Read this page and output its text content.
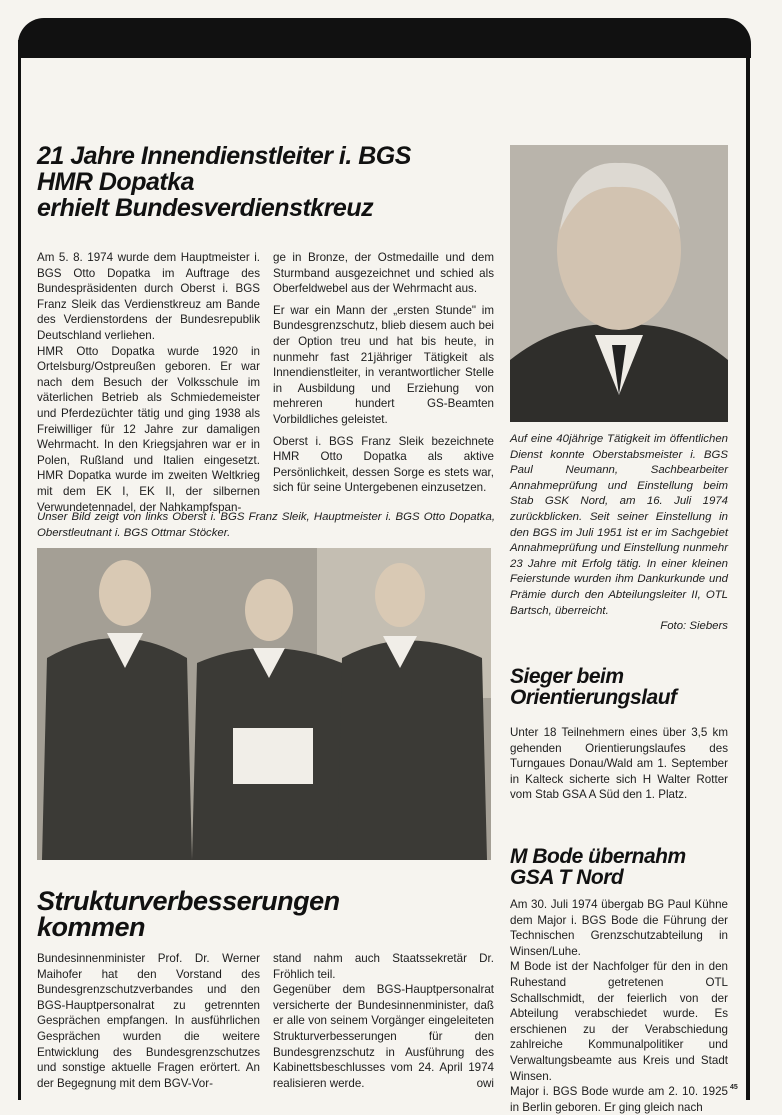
21 Jahre Innendienstleiter i. BGS
HMR Dopatka
erhielt Bundesverdienstkreuz

Am 5. 8. 1974 wurde dem Hauptmeister i. BGS Otto Dopatka im Auftrage des Bundespräsidenten durch Oberst i. BGS Franz Sleik das Verdienstkreuz am Bande des Verdienstordens der Bundesrepublik Deutschland verliehen.

HMR Otto Dopatka wurde 1920 in Ortelsburg/Ostpreußen geboren. Er war nach dem Besuch der Volksschule im väterlichen Betrieb als Schmiedemeister und Pferdezüchter tätig und ging 1938 als Freiwilliger für 12 Jahre zur damaligen Wehrmacht. In den Kriegsjahren war er in Polen, Rußland und Italien eingesetzt. HMR Dopatka wurde im zweiten Weltkrieg mit dem EK I, EK II, der silbernen Verwundetennadel, der Nahkampfspan-

ge in Bronze, der Ostmedaille und dem Sturmband ausgezeichnet und schied als Oberfeldwebel aus der Wehrmacht aus.

Er war ein Mann der „ersten Stunde" im Bundesgrenzschutz, blieb diesem auch bei der Option treu und hat bis heute, in nunmehr fast 21jähriger Tätigkeit als Innendienstleiter, in verantwortlicher Stelle in Ausbildung und Erziehung von mehreren hundert GS-Beamten Vorbildliches geleistet.

Oberst i. BGS Franz Sleik bezeichnete HMR Otto Dopatka als aktive Persönlichkeit, dessen Sorge es stets war, sich für seine Untergebenen einzusetzen.

Unser Bild zeigt von links Oberst i. BGS Franz Sleik, Hauptmeister i. BGS Otto Dopatka, Oberstleutnant i. BGS Ottmar Stöcker.
Auf eine 40jährige Tätigkeit im öffentlichen Dienst konnte Oberstabsmeister i. BGS Paul Neumann, Sachbearbeiter Annahmeprüfung und Einstellung beim Stab GSK Nord, am 16. Juli 1974 zurückblicken. Seit seiner Einstellung in den BGS im Juli 1951 ist er im Sachgebiet Annahmeprüfung und Einstellung nunmehr 23 Jahre mit Erfolg tätig. In einer kleinen Feierstunde wurden ihm Dankurkunde und Prämie durch den Abteilungsleiter II, OTL Bartsch, überreicht.
Foto: Siebers
Sieger beim
Orientierungslauf
Unter 18 Teilnehmern eines über 3,5 km gehenden Orientierungslaufes des Turngaues Donau/Wald am 1. September in Kalteck sicherte sich H Walter Rotter vom Stab GSA A Süd den 1. Platz.
M Bode übernahm
GSA T Nord

Am 30. Juli 1974 übergab BG Paul Kühne dem Major i. BGS Bode die Führung der Technischen Grenzschutzabteilung in Winsen/Luhe.

M Bode ist der Nachfolger für den in den Ruhestand getretenen OTL Schallschmidt, der feierlich von der Abteilung verabschiedet wurde. Es erschienen zu der Verabschiedung zahlreiche Kommunalpolitiker und Verwaltungsbeamte aus Kreis und Stadt Winsen.

Major i. BGS Bode wurde am 2. 10. 1925 in Berlin geboren. Er ging gleich nach

Strukturverbesserungen
kommen
Bundesinnenminister Prof. Dr. Werner Maihofer hat den Vorstand des Bundesgrenzschutzverbandes und den BGS-Hauptpersonalrat zu getrennten Gesprächen empfangen. In ausführlichen Gesprächen wurden die weitere Entwicklung des Bundesgrenzschutzes und sonstige aktuelle Fragen erörtert. An der Begegnung mit dem BGV-Vor-

stand nahm auch Staatssekretär Dr. Fröhlich teil.

Gegenüber dem BGS-Hauptpersonalrat versicherte der Bundesinnenminister, daß er alle von seinem Vorgänger eingeleiteten Strukturverbesserungen für den Bundesgrenzschutz in Ausführung des Kabinettsbeschlusses vom 24. April 1974 realisieren werde.	owi	45
